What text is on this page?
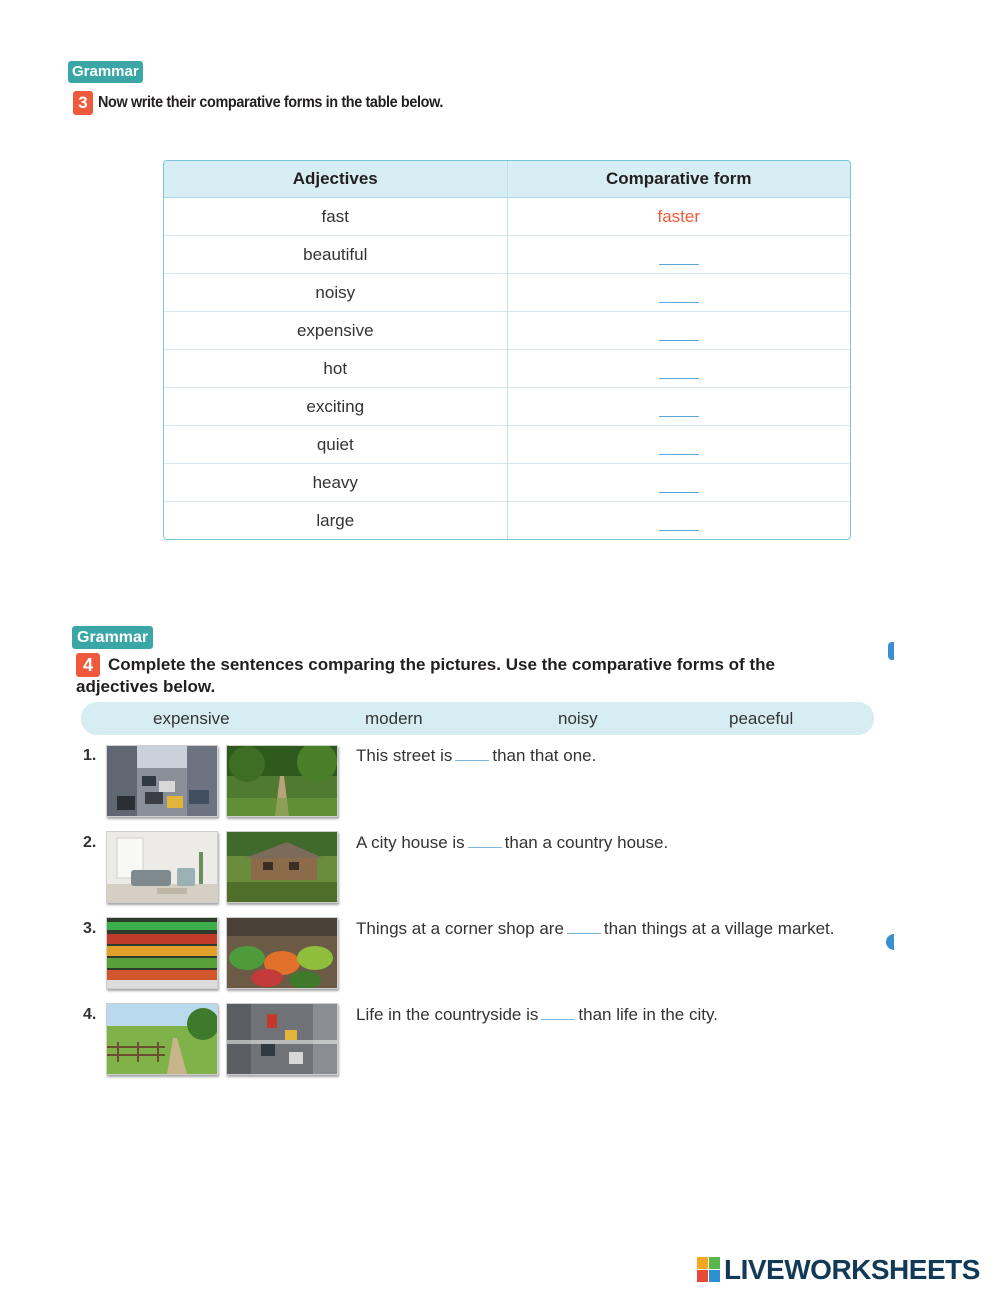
Grammar
3 Now write their comparative forms in the table below.
Adjectives	Comparative form
fast	faster
beautiful	
noisy	
expensive	
hot	
exciting	
quiet	
heavy	
large	
Grammar
Complete the sentences comparing the pictures. Use the comparative forms of the adjectives below.
4
expensive	modern	noisy	peaceful
1.	This street is than that one.
2.	A city house is than a country house.
3.	Things at a corner shop are than things at a village market.
4.	Life in the countryside is than life in the city.
LIVEWORKSHEETS
